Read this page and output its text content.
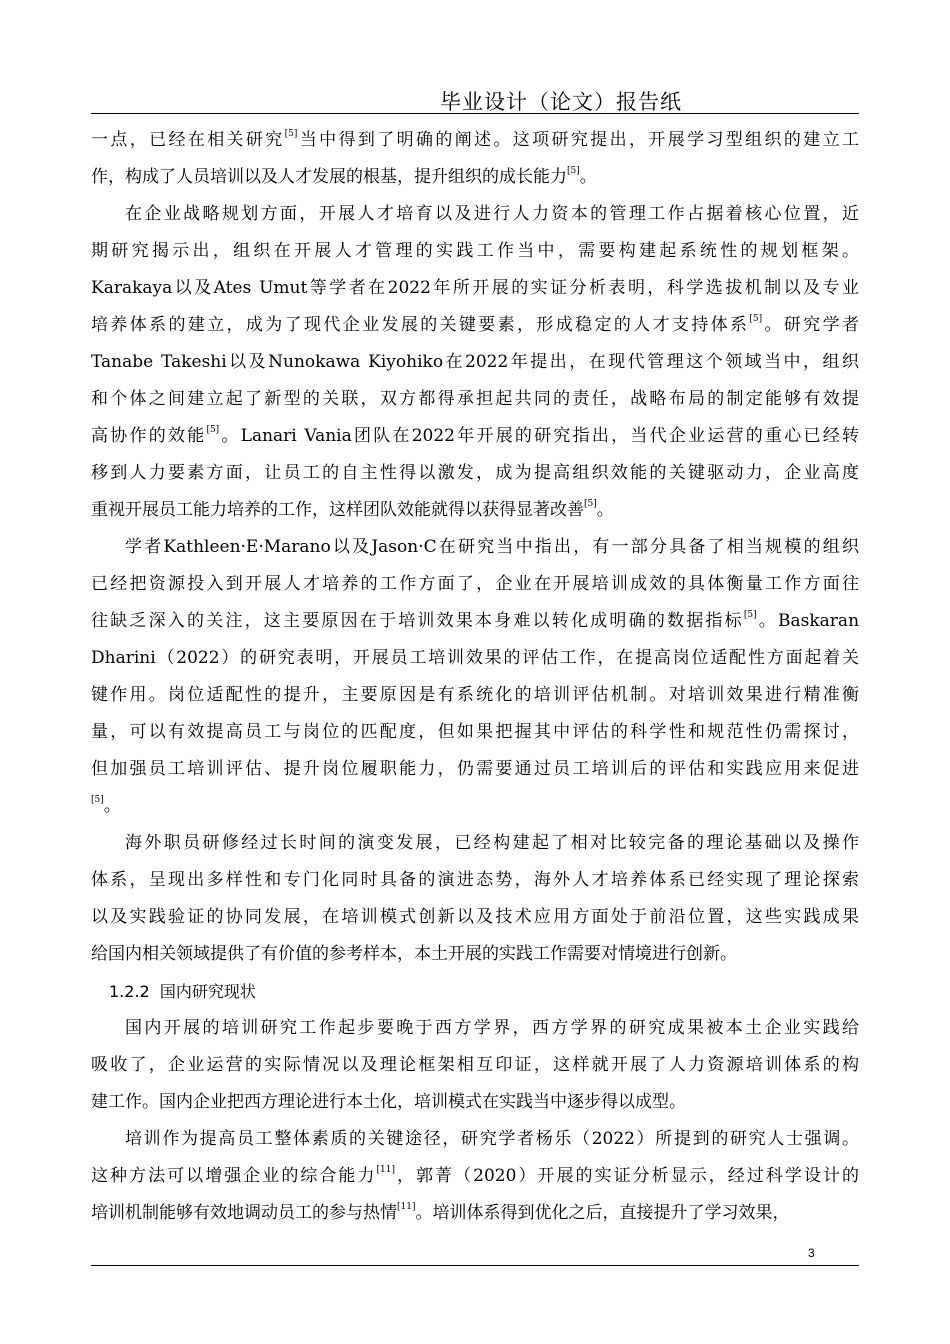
毕业设计（论文）报告纸

一点，已经在相关研究[5]当中得到了明确的阐述。这项研究提出，开展学习型组织的建立工

作，构成了人员培训以及人才发展的根基，提升组织的成长能力[5]。

在企业战略规划方面，开展人才培育以及进行人力资本的管理工作占据着核心位置，近

期研究揭示出，组织在开展人才管理的实践工作当中，需要构建起系统性的规划框架。

Karakaya以及Ates Umut等学者在2022年所开展的实证分析表明，科学选拔机制以及专业

培养体系的建立，成为了现代企业发展的关键要素，形成稳定的人才支持体系[5]。研究学者

Tanabe Takeshi以及Nunokawa Kiyohiko在2022年提出，在现代管理这个领域当中，组织

和个体之间建立起了新型的关联，双方都得承担起共同的责任，战略布局的制定能够有效提

高协作的效能[5]。Lanari Vania团队在2022年开展的研究指出，当代企业运营的重心已经转

移到人力要素方面，让员工的自主性得以激发，成为提高组织效能的关键驱动力，企业高度

重视开展员工能力培养的工作，这样团队效能就得以获得显著改善[5]。

学者Kathleen·E·Marano以及Jason·C在研究当中指出，有一部分具备了相当规模的组织

已经把资源投入到开展人才培养的工作方面了，企业在开展培训成效的具体衡量工作方面往

往缺乏深入的关注，这主要原因在于培训效果本身难以转化成明确的数据指标[5]。Baskaran

Dharini（2022）的研究表明，开展员工培训效果的评估工作，在提高岗位适配性方面起着关

键作用。岗位适配性的提升，主要原因是有系统化的培训评估机制。对培训效果进行精准衡

量，可以有效提高员工与岗位的匹配度，但如果把握其中评估的科学性和规范性仍需探讨，

但加强员工培训评估、提升岗位履职能力，仍需要通过员工培训后的评估和实践应用来促进

[5]。

海外职员研修经过长时间的演变发展，已经构建起了相对比较完备的理论基础以及操作

体系，呈现出多样性和专门化同时具备的演进态势，海外人才培养体系已经实现了理论探索

以及实践验证的协同发展，在培训模式创新以及技术应用方面处于前沿位置，这些实践成果

给国内相关领域提供了有价值的参考样本，本土开展的实践工作需要对情境进行创新。

1.2.2 国内研究现状

国内开展的培训研究工作起步要晚于西方学界，西方学界的研究成果被本土企业实践给

吸收了，企业运营的实际情况以及理论框架相互印证，这样就开展了人力资源培训体系的构

建工作。国内企业把西方理论进行本土化，培训模式在实践当中逐步得以成型。

培训作为提高员工整体素质的关键途径，研究学者杨乐（2022）所提到的研究人士强调。

这种方法可以增强企业的综合能力[11]，郭菁（2020）开展的实证分析显示，经过科学设计的

培训机制能够有效地调动员工的参与热情[11]。培训体系得到优化之后，直接提升了学习效果，

3
